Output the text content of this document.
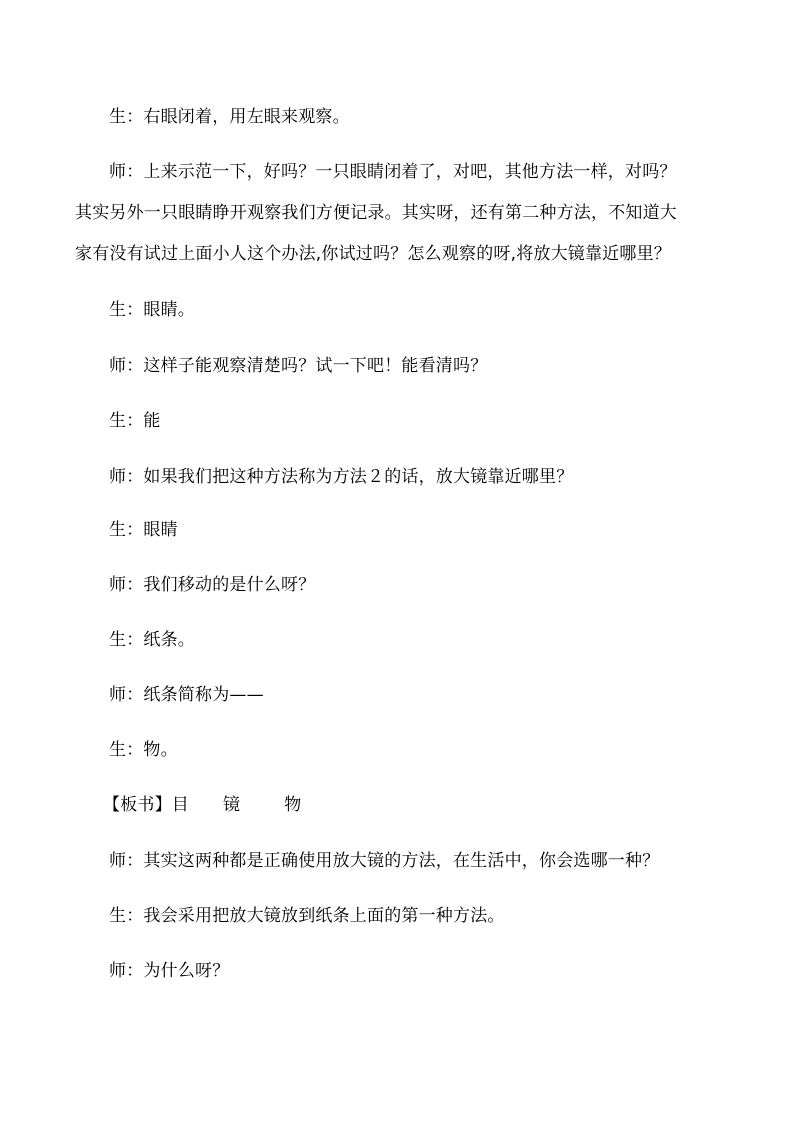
生：右眼闭着，用左眼来观察。
师：上来示范一下，好吗？一只眼睛闭着了，对吧，其他方法一样，对吗？
其实另外一只眼睛睁开观察我们方便记录。其实呀，还有第二种方法，不知道大
家有没有试过上面小人这个办法,你试过吗？怎么观察的呀,将放大镜靠近哪里？
生：眼睛。
师：这样子能观察清楚吗？试一下吧！能看清吗？
生：能
师：如果我们把这种方法称为方法２的话，放大镜靠近哪里？
生：眼睛
师：我们移动的是什么呀？
生：纸条。
师：纸条简称为——
生：物。
【板书】目 镜	物
师：其实这两种都是正确使用放大镜的方法，在生活中，你会选哪一种？
生：我会采用把放大镜放到纸条上面的第一种方法。
师：为什么呀？
